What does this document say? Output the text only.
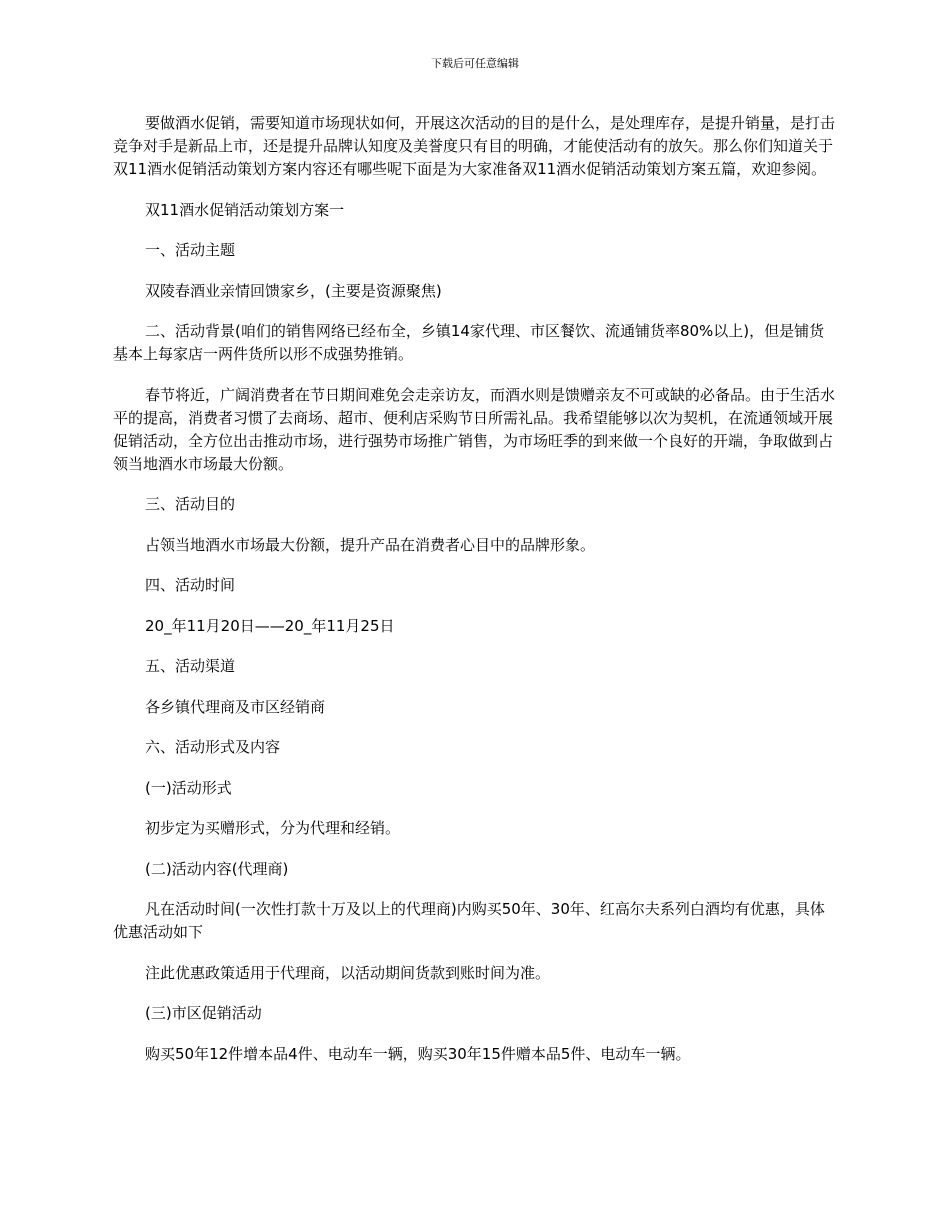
下载后可任意编辑

要做酒水促销，需要知道市场现状如何，开展这次活动的目的是什么，是处理库存，是提升销量，是打击竞争对手是新品上市，还是提升品牌认知度及美誉度只有目的明确，才能使活动有的放矢。那么你们知道关于双11酒水促销活动策划方案内容还有哪些呢下面是为大家准备双11酒水促销活动策划方案五篇，欢迎参阅。

双11酒水促销活动策划方案一

一、活动主题

双陵春酒业亲情回馈家乡，(主要是资源聚焦)

二、活动背景(咱们的销售网络已经布全，乡镇14家代理、市区餐饮、流通铺货率80%以上)，但是铺货基本上每家店一两件货所以形不成强势推销。

春节将近，广阔消费者在节日期间难免会走亲访友，而酒水则是馈赠亲友不可或缺的必备品。由于生活水平的提高，消费者习惯了去商场、超市、便利店采购节日所需礼品。我希望能够以次为契机，在流通领域开展促销活动，全方位出击推动市场，进行强势市场推广销售，为市场旺季的到来做一个良好的开端，争取做到占领当地酒水市场最大份额。

三、活动目的

占领当地酒水市场最大份额，提升产品在消费者心目中的品牌形象。

四、活动时间

20_年11月20日——20_年11月25日

五、活动渠道

各乡镇代理商及市区经销商

六、活动形式及内容

(一)活动形式

初步定为买赠形式，分为代理和经销。

(二)活动内容(代理商)

凡在活动时间(一次性打款十万及以上的代理商)内购买50年、30年、红高尔夫系列白酒均有优惠，具体优惠活动如下

注此优惠政策适用于代理商，以活动期间货款到账时间为准。

(三)市区促销活动

购买50年12件增本品4件、电动车一辆，购买30年15件赠本品5件、电动车一辆。
